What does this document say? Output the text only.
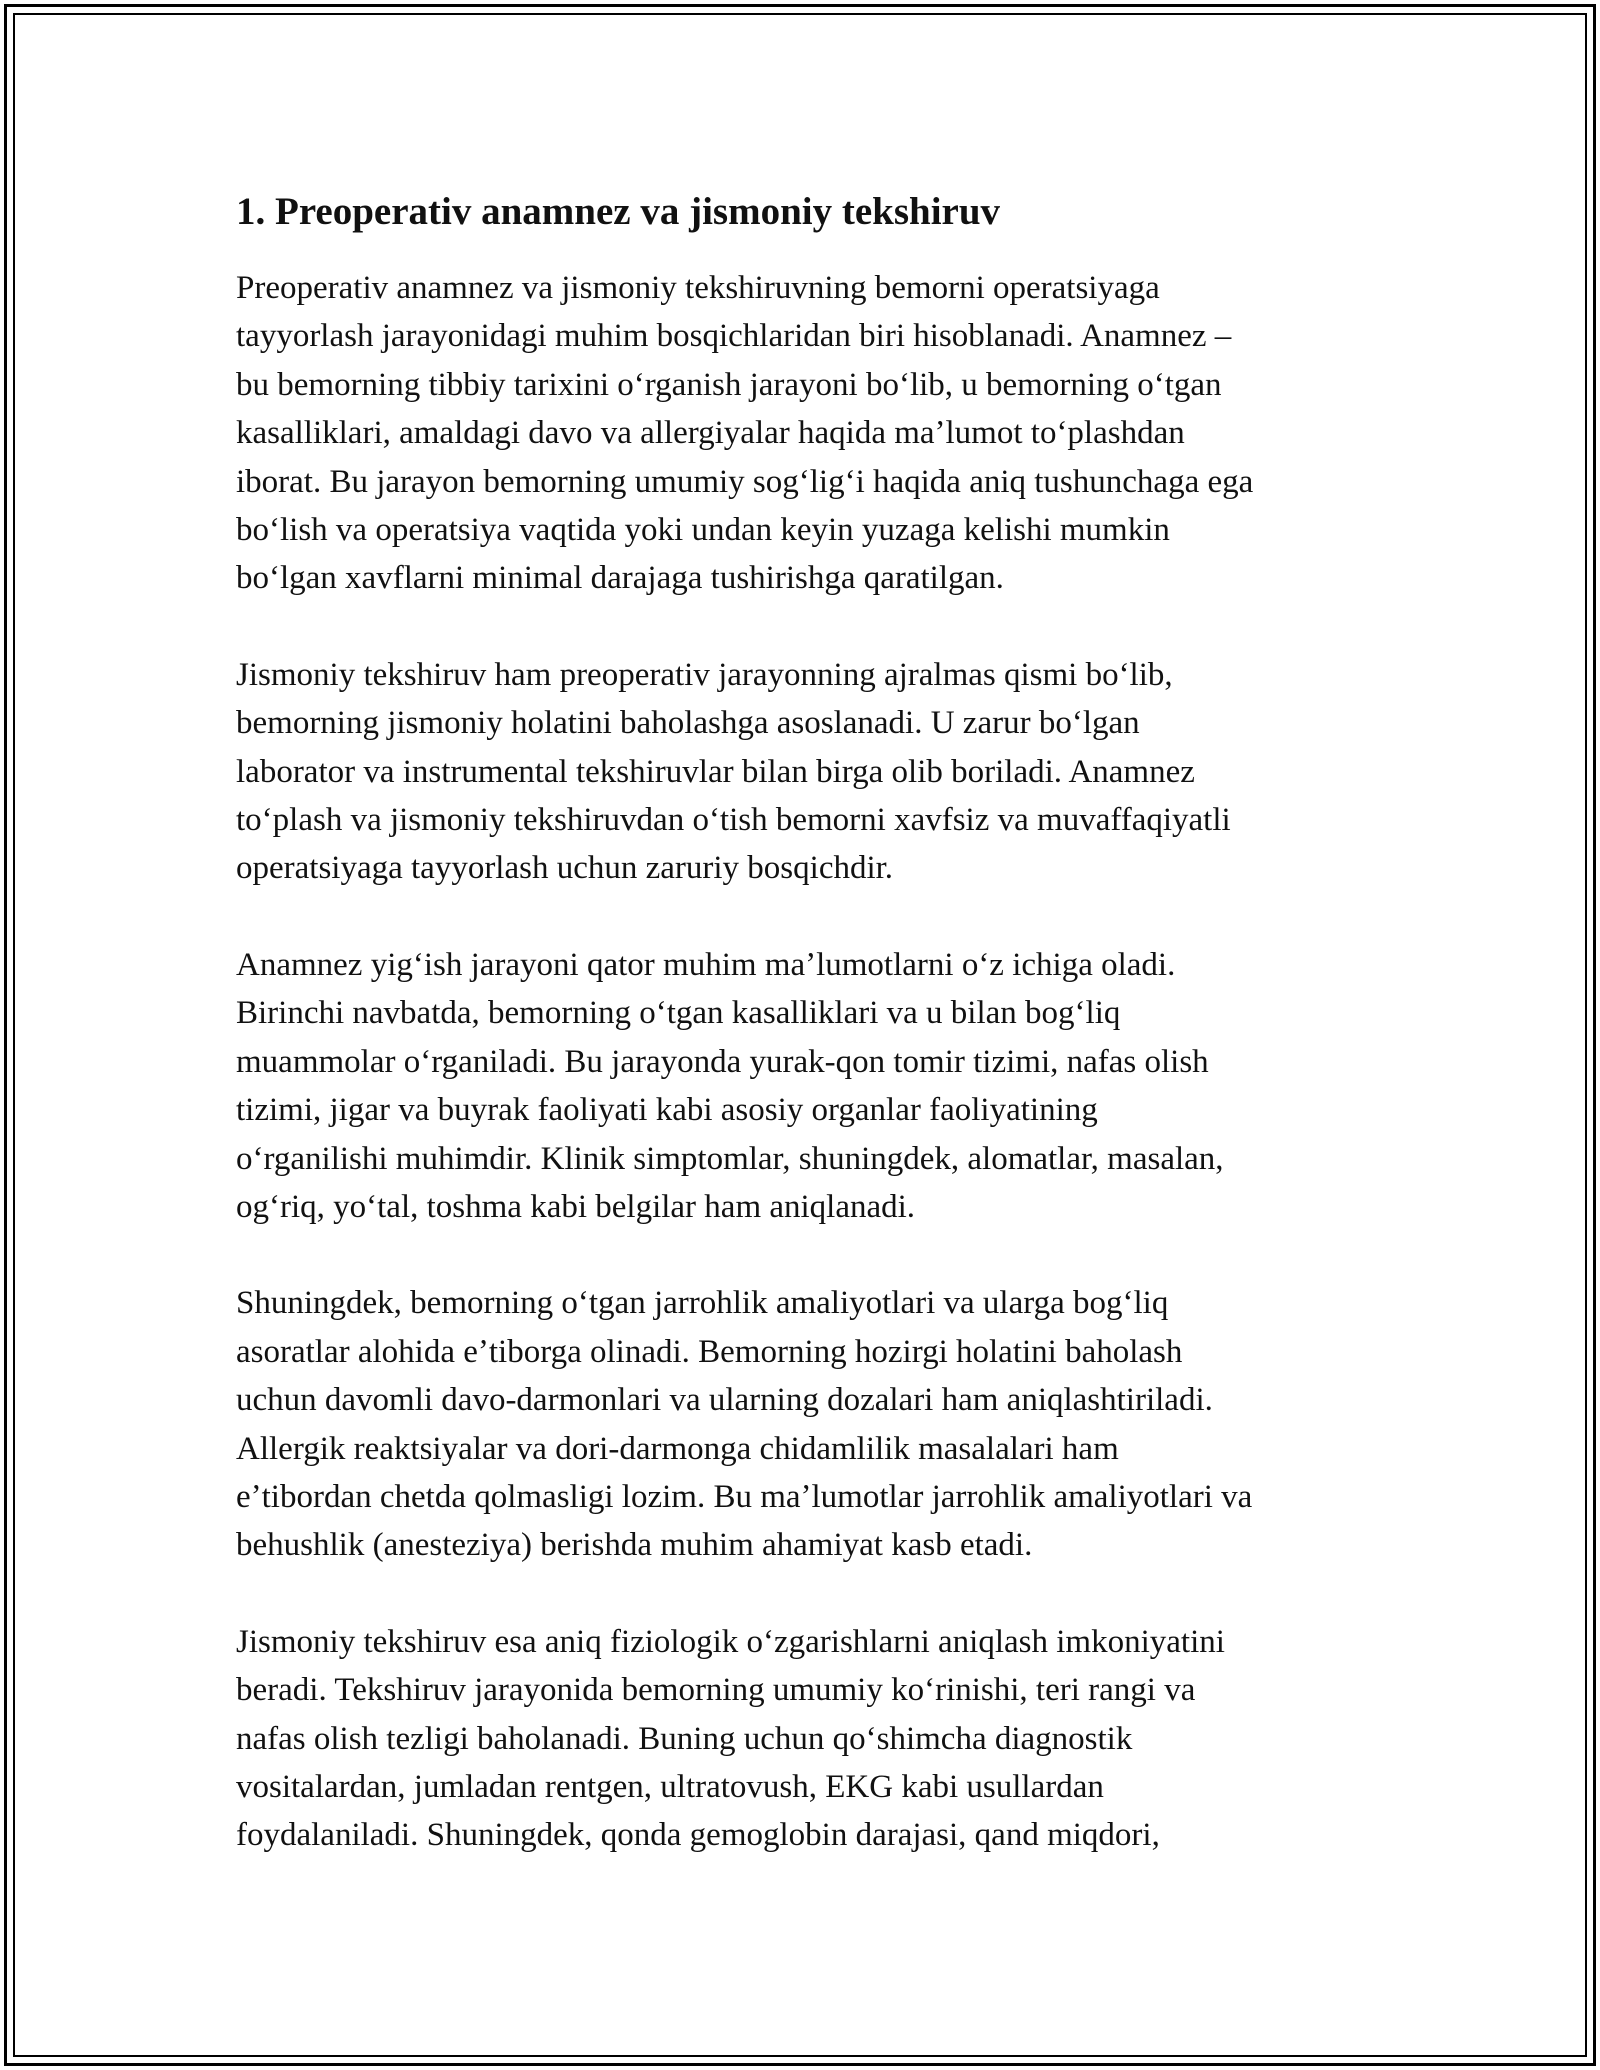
1. Preoperativ anamnez va jismoniy tekshiruv

Preoperativ anamnez va jismoniy tekshiruvning bemorni operatsiyaga
tayyorlash jarayonidagi muhim bosqichlaridan biri hisoblanadi. Anamnez –
bu bemorning tibbiy tarixini oʻrganish jarayoni boʻlib, u bemorning oʻtgan
kasalliklari, amaldagi davo va allergiyalar haqida maʼlumot toʻplashdan
iborat. Bu jarayon bemorning umumiy sogʻligʻi haqida aniq tushunchaga ega
boʻlish va operatsiya vaqtida yoki undan keyin yuzaga kelishi mumkin
boʻlgan xavflarni minimal darajaga tushirishga qaratilgan.

Jismoniy tekshiruv ham preoperativ jarayonning ajralmas qismi boʻlib,
bemorning jismoniy holatini baholashga asoslanadi. U zarur boʻlgan
laborator va instrumental tekshiruvlar bilan birga olib boriladi. Anamnez
toʻplash va jismoniy tekshiruvdan oʻtish bemorni xavfsiz va muvaffaqiyatli
operatsiyaga tayyorlash uchun zaruriy bosqichdir.

Anamnez yigʻish jarayoni qator muhim maʼlumotlarni oʻz ichiga oladi.
Birinchi navbatda, bemorning oʻtgan kasalliklari va u bilan bogʻliq
muammolar oʻrganiladi. Bu jarayonda yurak-qon tomir tizimi, nafas olish
tizimi, jigar va buyrak faoliyati kabi asosiy organlar faoliyatining
oʻrganilishi muhimdir. Klinik simptomlar, shuningdek, alomatlar, masalan,
ogʻriq, yoʻtal, toshma kabi belgilar ham aniqlanadi.

Shuningdek, bemorning oʻtgan jarrohlik amaliyotlari va ularga bogʻliq
asoratlar alohida eʼtiborga olinadi. Bemorning hozirgi holatini baholash
uchun davomli davo-darmonlari va ularning dozalari ham aniqlashtiriladi.
Allergik reaktsiyalar va dori-darmonga chidamlilik masalalari ham
eʼtibordan chetda qolmasligi lozim. Bu maʼlumotlar jarrohlik amaliyotlari va
behushlik (anesteziya) berishda muhim ahamiyat kasb etadi.

Jismoniy tekshiruv esa aniq fiziologik oʻzgarishlarni aniqlash imkoniyatini
beradi. Tekshiruv jarayonida bemorning umumiy koʻrinishi, teri rangi va
nafas olish tezligi baholanadi. Buning uchun qoʻshimcha diagnostik
vositalardan, jumladan rentgen, ultratovush, EKG kabi usullardan
foydalaniladi. Shuningdek, qonda gemoglobin darajasi, qand miqdori,
